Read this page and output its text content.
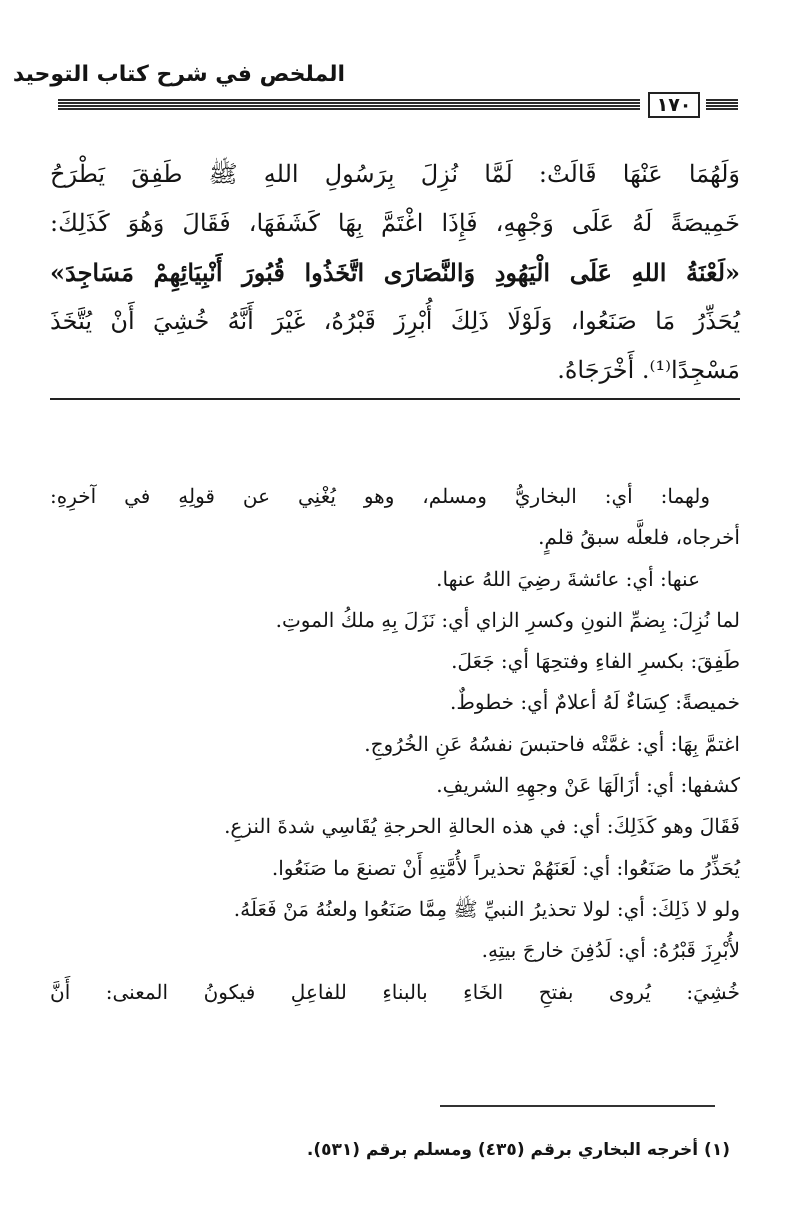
الملخص في شرح كتاب التوحيد
١٧٠
وَلَهُمَا عَنْهَا قَالَتْ: لَمَّا نُزِلَ بِرَسُولِ اللهِ ﷺ طَفِقَ يَطْرَحُ
خَمِيصَةً لَهُ عَلَى وَجْهِهِ، فَإِذَا اغْتَمَّ بِهَا كَشَفَهَا، فَقَالَ وَهُوَ كَذَلِكَ:
«لَعْنَةُ اللهِ عَلَى الْيَهُودِ وَالنَّصَارَى اتَّخَذُوا قُبُورَ أَنْبِيَائِهِمْ مَسَاجِدَ»
يُحَذِّرُ مَا صَنَعُوا، وَلَوْلَا ذَلِكَ أُبْرِزَ قَبْرُهُ، غَيْرَ أَنَّهُ خُشِيَ أَنْ يُتَّخَذَ
مَسْجِدًا⁽¹⁾. أَخْرَجَاهُ.
ولهما: أي: البخاريُّ ومسلم، وهو يُغْنِي عن قولِهِ في آخرِهِ:
أخرجاه، فلعلَّه سبقُ قلمٍ.
عنها: أي: عائشةَ رضِيَ اللهُ عنها.
لما نُزِلَ: بِضمِّ النونِ وكسرِ الزاي أي: نَزَلَ بِهِ ملكُ الموتِ.
طَفِقَ: بكسرِ الفاءِ وفتحِهَا أي: جَعَلَ.
خميصةً: كِسَاءٌ لَهُ أعلامٌ أي: خطوطٌ.
اغتمَّ بِهَا: أي: غمَّتْه فاحتبسَ نفسُهُ عَنِ الخُرُوجِ.
كشفها: أي: أزَالَهَا عَنْ وجهِهِ الشريفِ.
فَقَالَ وهو كَذَلِكَ: أي: في هذه الحالةِ الحرجةِ يُقَاسِي شدةَ النزعِ.
يُحَذِّرُ ما صَنَعُوا: أي: لَعَنَهُمْ تحذيراً لأُمَّتِهِ أَنْ تصنعَ ما صَنَعُوا.
ولو لا ذَلِكَ: أي: لولا تحذيرُ النبيِّ ﷺ مِمَّا صَنَعُوا ولعنُهُ مَنْ فَعَلَهُ.
لأُبْرِزَ قَبْرُهُ: أي: لَدُفِنَ خارجَ بيتِهِ.
خُشِيَ: يُروى بفتحِ الخَاءِ بالبناءِ للفاعِلِ فيكونُ المعنى: أَنَّ
(١) أخرجه البخاري برقم (٤٣٥) ومسلم برقم (٥٣١).
